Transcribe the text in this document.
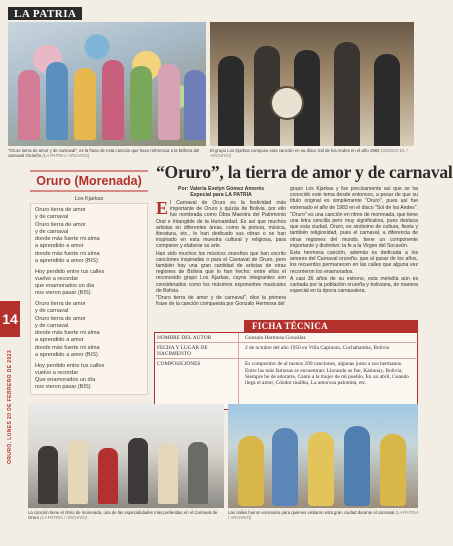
LA PATRIA
"Oruro tierra de amor y de carnaval", es la frase de esta canción que hace referencia a la belleza del carnaval Orureño (LA PATRIA / ARCHIVO)
El grupo Los Kjarkas compuso esta canción en su disco Sol de los Andes en el año 1983 (CEDIDO EL / ARCHIVO)
Oruro (Morenada)
Los Kjarkas
Oruro tierra de amor
y de carnaval
Oruro tierra de amor
y de carnaval
donde más fuerte mi alma
a aprendido a amor
donde más fuerte mi alma
a aprendido a amor (BIS)
Hoy perdido entre tus calles
vuelvo a recordar
que enamorados un día
nos vieron pasar (BIS)
Oruro tierra de amor
y de carnaval
Oruro tierra de amor
y de carnaval
donde más fuerte mi alma
a aprendido a amor
donde más fuerte mi alma
a aprendido a amor (BIS)
Hoy perdido entre tus calles
vuelvo a recordar
Que enamorados un día
nos vieron pasar (BIS)
14
ORURO, LUNES 20 DE FEBRERO DE 2023
“Oruro”, la tierra de amor y de carnaval
Por: Valeria Evelyn Gómez Amorés
Especial para LA PATRIA

El Carnaval de Oruro es la festividad más importante de Oruro y quizás de Bolivia, por ello fue nombrada como Obra Maestra del Patrimonio Oral e Intangible de la Humanidad. Es así que muchos artistas en diferentes áreas, como la pintura, música, literatura, etc., le han dedicado sus obras o se han inspirado en esta muestra cultural y religiosa, para componer y elaborar su arte.

Han sido muchos los músicos orureños que han escrito canciones inspiradas o para el Carnaval de Oruro, pero también hay una gran cantidad de artistas de otras regiones de Bolivia que lo han hecho; entre ellos el reconocido grupo Los Kjarkas, cuyos integrantes son considerados como los máximos exponentes musicales de Bolivia.

"Oruro tierra de amor y de carnaval", dice la primera frase de la canción compuesta por Gonzalo Hermosa del

grupo Los Kjarkas y fue precisamente así que se ha conocido este tema desde entonces, a pesar de que su título original es simplemente "Oruro", pues así fue estrenado el año de 1983 en el disco "Sol de los Andes".

"Oruro" es una canción en ritmo de morenada, que tiene una letra sencilla pero muy significativa, pues destaca que esta ciudad, Oruro, es sinónimo de cultura, fiesta y también religiosidad, pues el carnaval, a diferencia de otras regiones del mundo, tiene un componente importante y distintivo: la fe a la Virgen del Socavón.

Esta hermosa canción, además es dedicada a los amores del Carnaval orureño, que al pasar de los años, los recuerdos permanecen en las calles que alguna vez recorrieron los enamorados.

A casi 36 años de su estreno, esta melodía aún es cantada por la población orureña y boliviana, de manera especial en la época carnavalera.

FICHA TÉCNICA
NOMBRE DEL AUTOR	Gonzalo Hermosa González
FECHA Y LUGAR DE NACIMIENTO
2 de octubre del año 1950 en Villa Capinota, Cochabamba, Bolivia
COMPOSICIONES	Es compositor de al menos 200 canciones, algunas junto a sus hermanos.
Entre las más famosas se encuentran: Llorando se fue, Katinnay, Bolivia, Siempre he de adorarte, Canto a la mujer de mi pueblo, En un abril, Cuando llega el amor, Cóndor mallku, La amorosa palomita, etc.
La canción tiene el ritmo de morenada, una de las especialidades más preferidas en el Carnaval de Oruro (LA PATRIA / ARCHIVO)
Las calles fueron escenario para quienes visitaron esta gran ciudad durante el carnaval (LA PATRIA / ARCHIVO)
